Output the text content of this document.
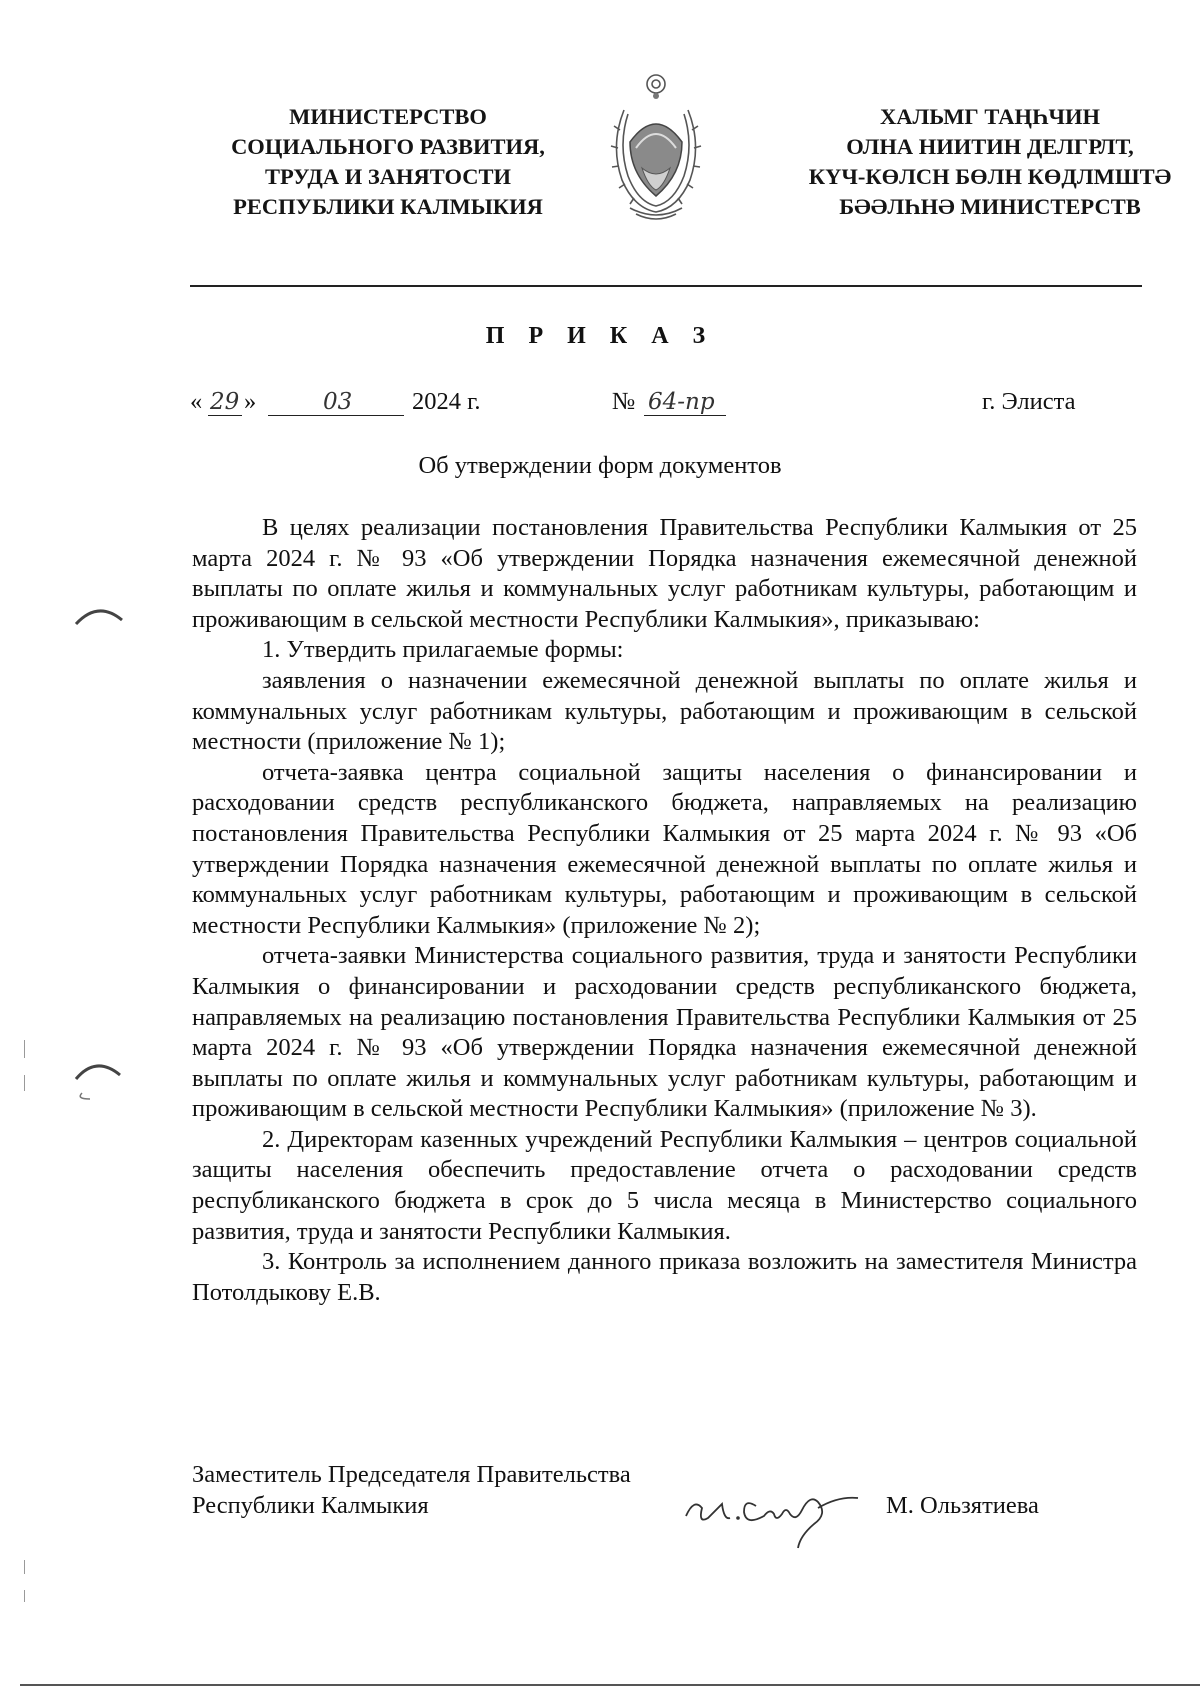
МИНИСТЕРСТВО
СОЦИАЛЬНОГО РАЗВИТИЯ,
ТРУДА И ЗАНЯТОСТИ
РЕСПУБЛИКИ КАЛМЫКИЯ
ХАЛЬМГ ТАҢҺЧИН
ОЛНА НИИТИН ДЕЛГРЛТ,
КҮЧ-КӨЛСН БӨЛН КӨДЛМШТӘ
БӘӘЛҺНӘ МИНИСТЕРСТВ
П Р И К А З
« 29 »	03 2024 г.	№ 64-пр	г. Элиста
Об утверждении форм документов

В целях реализации постановления Правительства Республики Калмыкия от 25 марта 2024 г. № 93 «Об утверждении Порядка назначения ежемесячной денежной выплаты по оплате жилья и коммунальных услуг работникам культуры, работающим и проживающим в сельской местности Республики Калмыкия», приказываю:

1. Утвердить прилагаемые формы:

заявления о назначении ежемесячной денежной выплаты по оплате жилья и коммунальных услуг работникам культуры, работающим и проживающим в сельской местности (приложение № 1);

отчета-заявка центра социальной защиты населения о финансировании и расходовании средств республиканского бюджета, направляемых на реализацию постановления Правительства Республики Калмыкия от 25 марта 2024 г. № 93 «Об утверждении Порядка назначения ежемесячной денежной выплаты по оплате жилья и коммунальных услуг работникам культуры, работающим и проживающим в сельской местности Республики Калмыкия» (приложение № 2);

отчета-заявки Министерства социального развития, труда и занятости Республики Калмыкия о финансировании и расходовании средств республиканского бюджета, направляемых на реализацию постановления Правительства Республики Калмыкия от 25 марта 2024 г. № 93 «Об утверждении Порядка назначения ежемесячной денежной выплаты по оплате жилья и коммунальных услуг работникам культуры, работающим и проживающим в сельской местности Республики Калмыкия» (приложение № 3).

2. Директорам казенных учреждений Республики Калмыкия – центров социальной защиты населения обеспечить предоставление отчета о расходовании средств республиканского бюджета в срок до 5 числа месяца в Министерство социального развития, труда и занятости Республики Калмыкия.

3. Контроль за исполнением данного приказа возложить на заместителя Министра Потолдыкову Е.В.

Заместитель Председателя Правительства
Республики Калмыкия	М. Ользятиева
